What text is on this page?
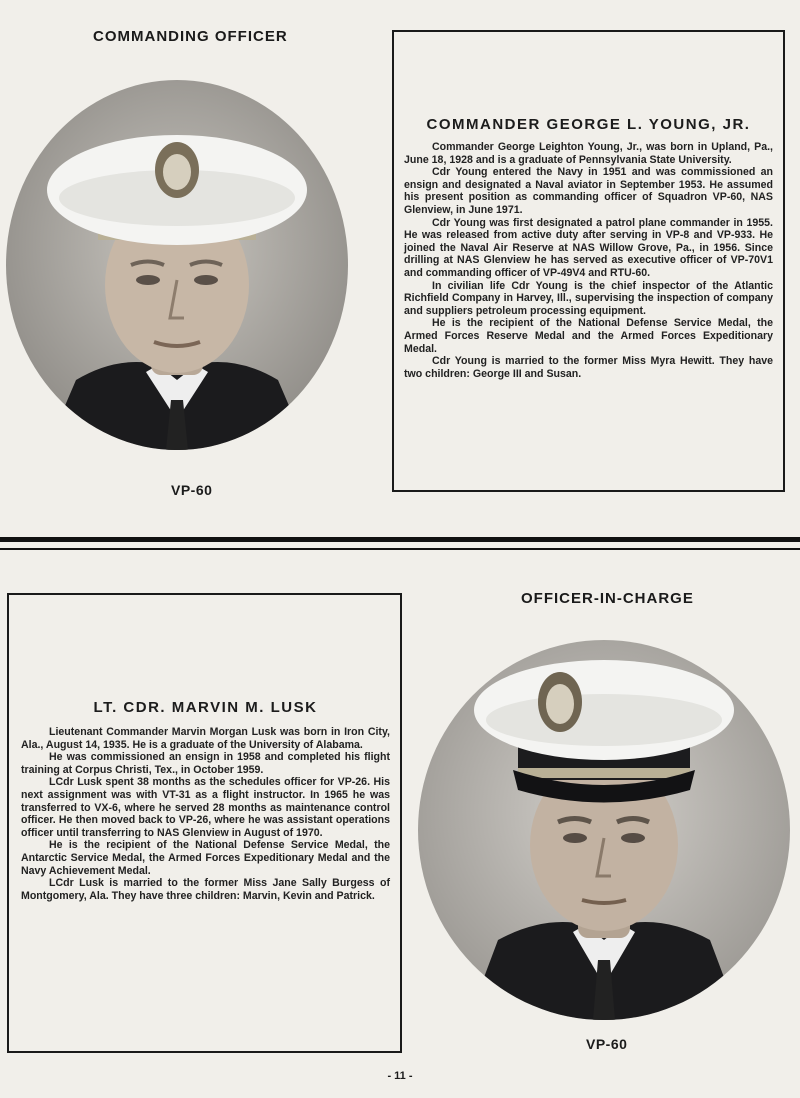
COMMANDING OFFICER
VP-60
COMMANDER GEORGE L. YOUNG, JR.

Commander George Leighton Young, Jr., was born in Upland, Pa., June 18, 1928 and is a graduate of Pennsylvania State University.

Cdr Young entered the Navy in 1951 and was commissioned an ensign and designated a Naval aviator in September 1953. He assumed his present position as commanding officer of Squadron VP-60, NAS Glenview, in June 1971.

Cdr Young was first designated a patrol plane commander in 1955. He was released from active duty after serving in VP-8 and VP-933. He joined the Naval Air Reserve at NAS Willow Grove, Pa., in 1956. Since drilling at NAS Glenview he has served as executive officer of VP-70V1 and commanding officer of VP-49V4 and RTU-60.

In civilian life Cdr Young is the chief inspector of the Atlantic Richfield Company in Harvey, Ill., supervising the inspection of company and suppliers petroleum processing equipment.

He is the recipient of the National Defense Service Medal, the Armed Forces Reserve Medal and the Armed Forces Expeditionary Medal.

Cdr Young is married to the former Miss Myra Hewitt. They have two children: George III and Susan.

LT. CDR. MARVIN M. LUSK

Lieutenant Commander Marvin Morgan Lusk was born in Iron City, Ala., August 14, 1935. He is a graduate of the University of Alabama.

He was commissioned an ensign in 1958 and completed his flight training at Corpus Christi, Tex., in October 1959.

LCdr Lusk spent 38 months as the schedules officer for VP-26. His next assignment was with VT-31 as a flight instructor. In 1965 he was transferred to VX-6, where he served 28 months as maintenance control officer. He then moved back to VP-26, where he was assistant operations officer until transferring to NAS Glenview in August of 1970.

He is the recipient of the National Defense Service Medal, the Antarctic Service Medal, the Armed Forces Expeditionary Medal and the Navy Achievement Medal.

LCdr Lusk is married to the former Miss Jane Sally Burgess of Montgomery, Ala. They have three children: Marvin, Kevin and Patrick.

OFFICER-IN-CHARGE
VP-60
- 11 -
